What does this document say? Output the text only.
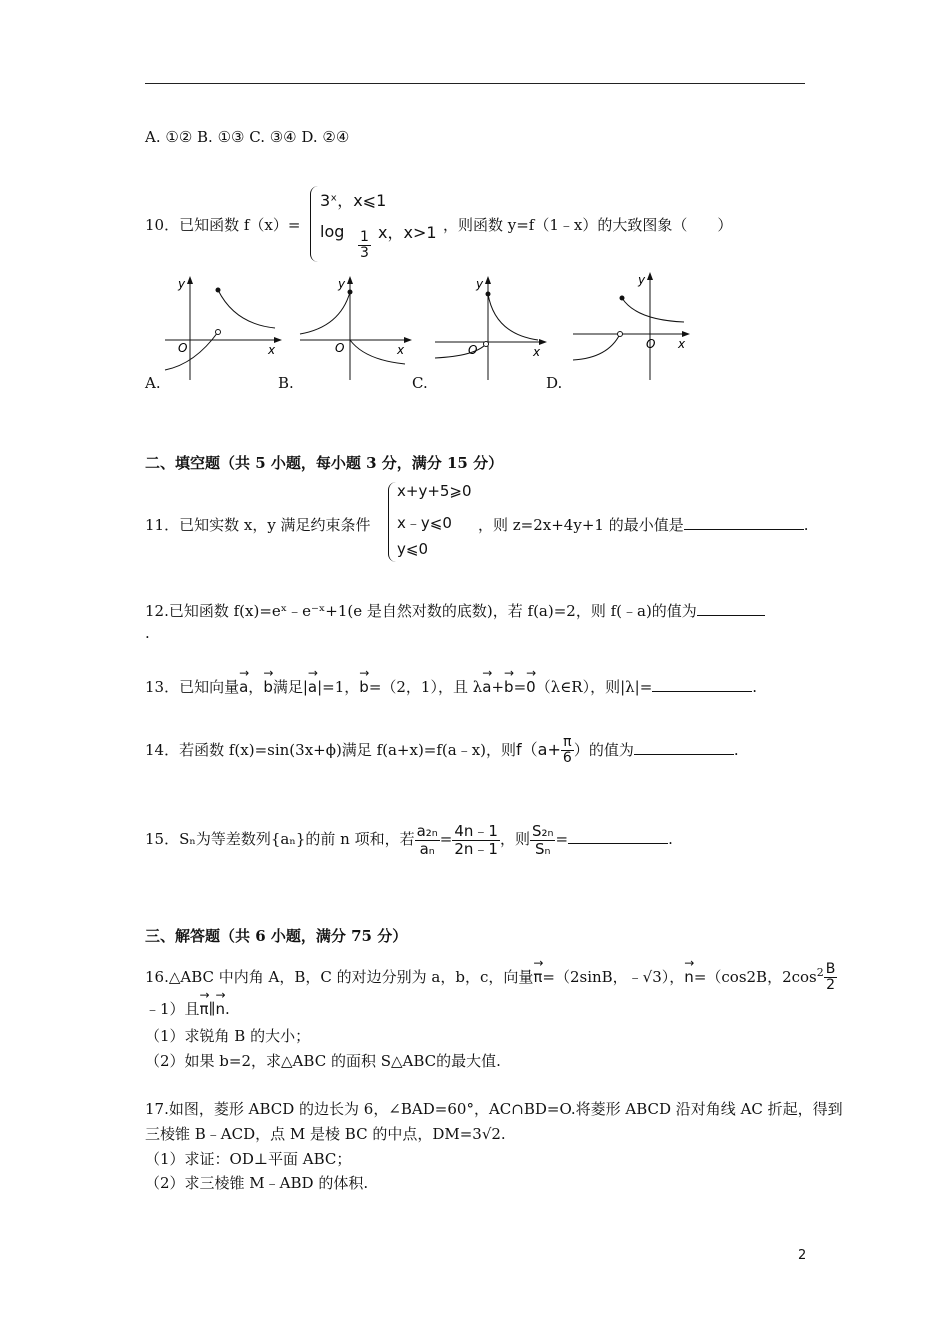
A. ①② B. ①③ C. ③④ D. ②④
10．已知函数 f（x）=
3ˣ，x⩽1
$\log \frac{1}{3}$ x，x>1 ，则函数 y=f（1﹣x）的大致图象（　　）
y
O	x
y
O	x
y
O	x
y
O x
A.	B.	C.	D.
二、填空题（共 5 小题，每小题 3 分，满分 15 分）
11．已知实数 x，y 满足约束条件
x+y+5⩾0
x﹣y⩽0
y⩽0
，则 z=2x+4y+1 的最小值是	.
12.已知函数 f(x)=eˣ﹣e⁻ˣ+1(e 是自然对数的底数)，若 f(a)=2，则 f(﹣a)的值为
.
13．已知向量→ a，→ b满足|→ a|=1，→ b=（2，1），且 λ→ a+→ b=→ 0（λ∈R），则|λ|=	.
14．若函数 f(x)=sin(3x+ϕ)满足 f(a+x)=f(a﹣x)，则$f(a+ \frac{\pi}{6}$ ）的值为	.
15．Sₙ为等差数列{aₙ}的前 n 项和，若 $\frac{\text{a₂ₙ}}{\text{aₙ}} = \frac{4n﹣1}{2n﹣1}$ ，则 $\frac{\text{S₂ₙ}}{\text{Sₙ}}$ =	.
三、解答题（共 6 小题，满分 75 分）
16.△ABC 中内角 A，B，C 的对边分别为 a，b，c，向量→ π=（2sinB，﹣√3），→ n=（cos2B，$2\cos^2 \frac{B}{2}$
﹣1）且→ π∥→ n.
（1）求锐角 B 的大小；
（2）如果 b=2，求△ABC 的面积 S△ABC的最大值.
17.如图，菱形 ABCD 的边长为 6，∠BAD=60°，AC∩BD=O.将菱形 ABCD 沿对角线 AC 折起，得到
三棱锥 B﹣ACD，点 M 是棱 BC 的中点，DM=3√2.
（1）求证：OD⊥平面 ABC；
（2）求三棱锥 M﹣ABD 的体积.
2
